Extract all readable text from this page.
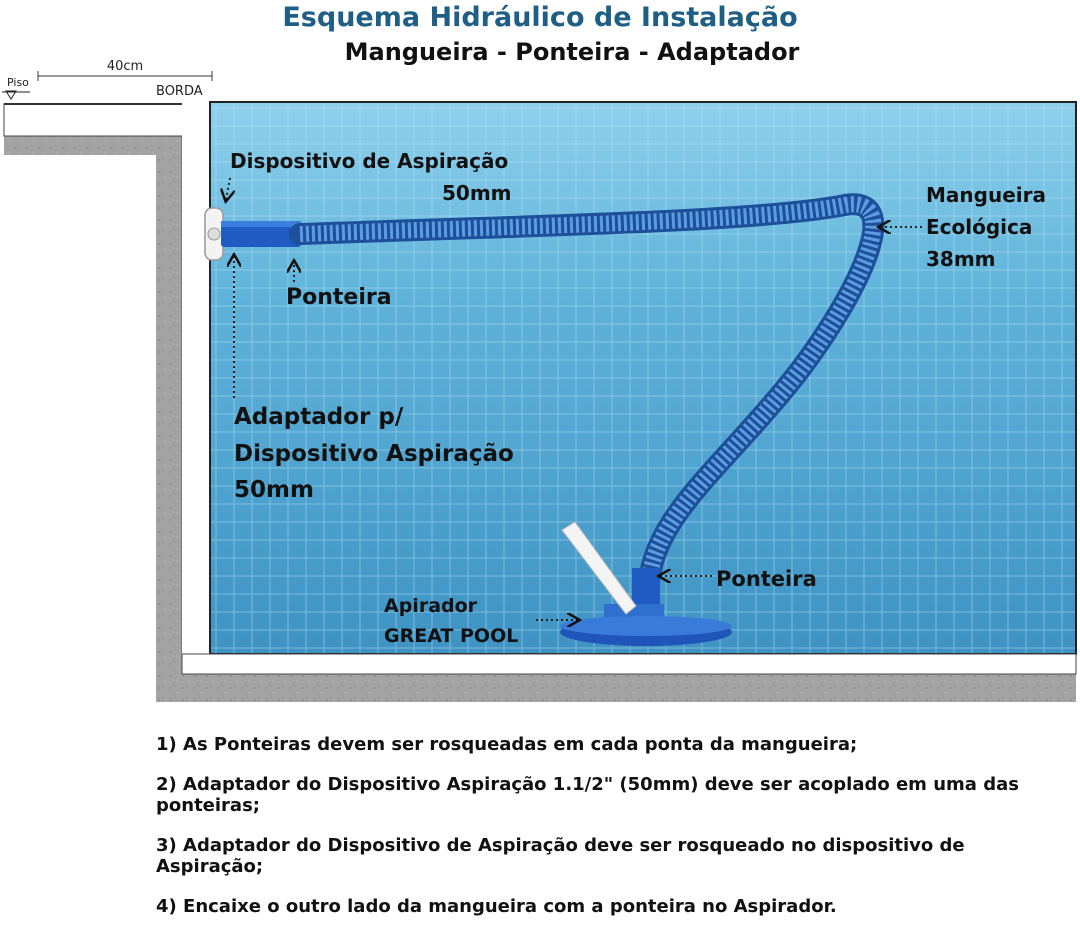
Esquema Hidráulico de Instalação
Mangueira - Ponteira - Adaptador
40cm
Piso
BORDA
Dispositivo de Aspiração
50mm
Ponteira
Adaptador p/
Dispositivo Aspiração
50mm
Mangueira
Ecológica
38mm
Ponteira
Apirador
GREAT POOL

1) As Ponteiras devem ser rosqueadas em cada ponta da mangueira;

2) Adaptador do Dispositivo Aspiração 1.1/2" (50mm) deve ser acoplado em uma das ponteiras;

3) Adaptador do Dispositivo de Aspiração deve ser rosqueado no dispositivo de Aspiração;

4) Encaixe o outro lado da mangueira com a ponteira no Aspirador.
